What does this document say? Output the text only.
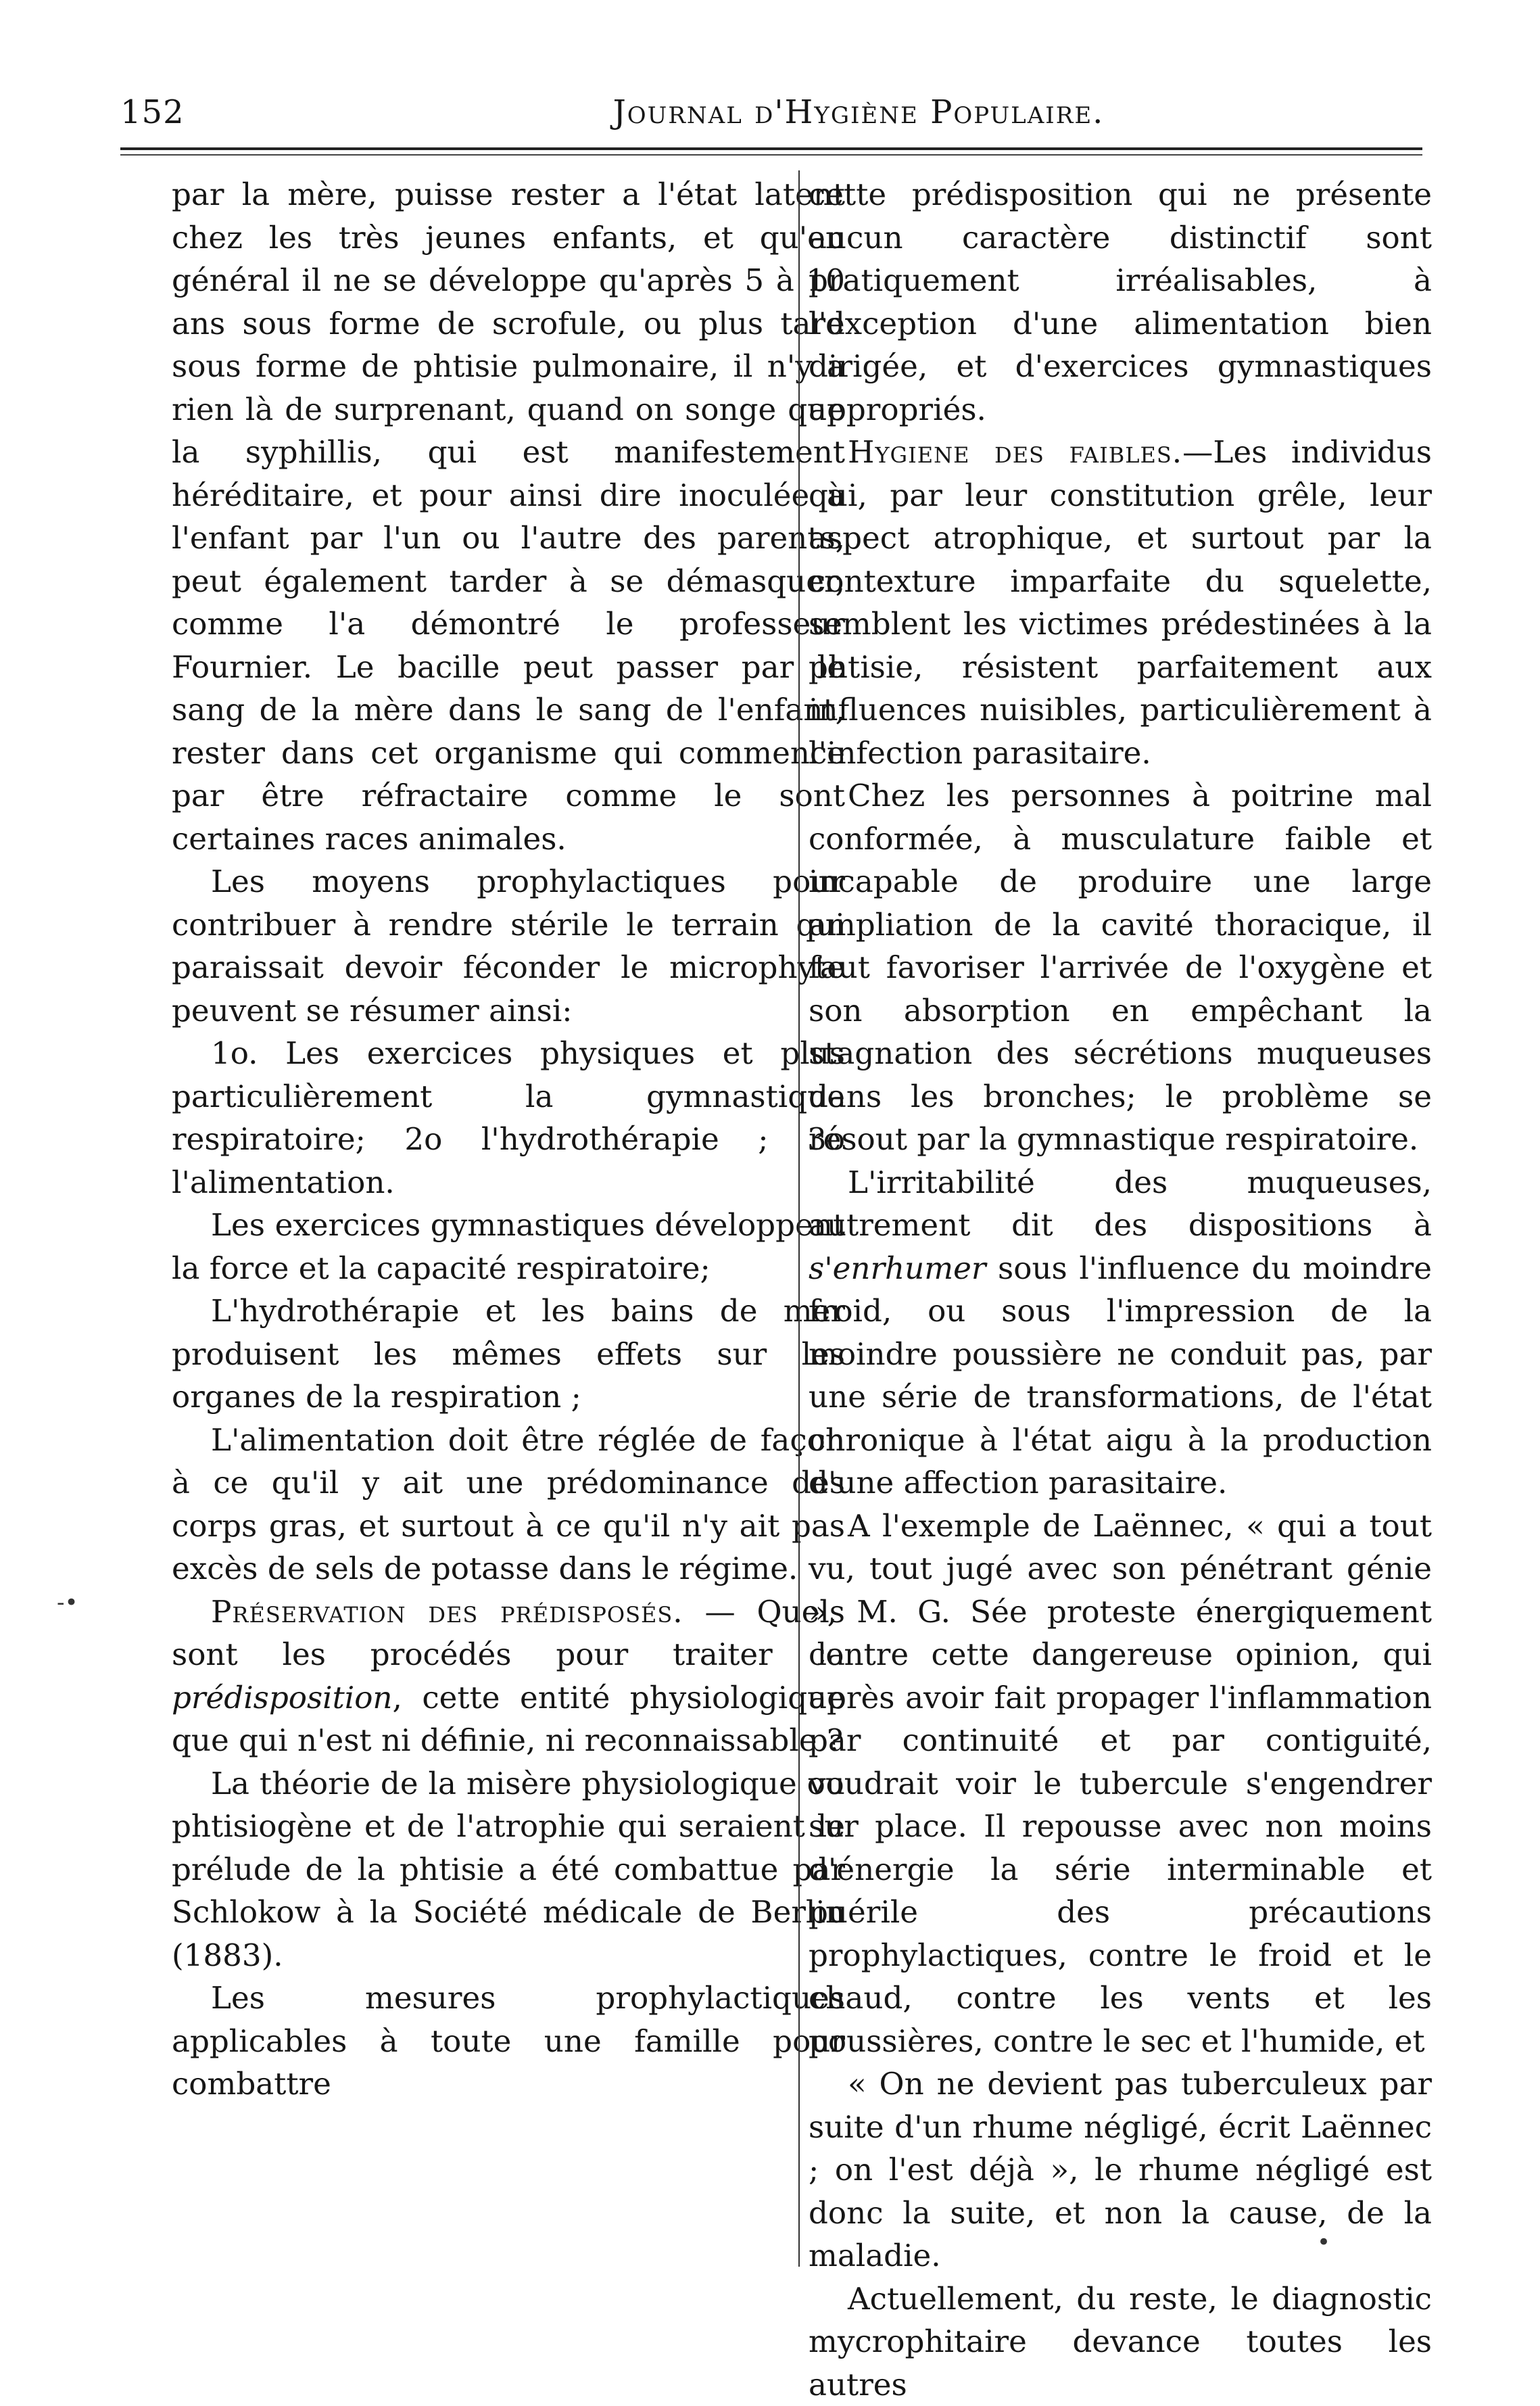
152	Journal d'Hygiène Populaire.

par la mère, puisse rester a l'état latent chez les très jeunes enfants, et qu'en général il ne se développe qu'après 5 à 10 ans sous forme de scrofule, ou plus tard sous forme de phtisie pulmonaire, il n'y a rien là de surprenant, quand on songe que la syphillis, qui est manifestement héréditaire, et pour ainsi dire inoculée à l'enfant par l'un ou l'autre des parents, peut également tarder à se démasquer, comme l'a démontré le professeur Fournier. Le bacille peut passer par le sang de la mère dans le sang de l'enfant, rester dans cet organisme qui commence par être réfractaire comme le sont certaines races animales.

Les moyens prophylactiques pour contribuer à rendre stérile le terrain qui paraissait devoir féconder le microphyte peuvent se résumer ainsi:

1o. Les exercices physiques et plus particulièrement la gymnastique respiratoire; 2o l'hydrothérapie ; 3o l'alimentation.

Les exercices gymnastiques développent la force et la capacité respiratoire;

L'hydrothérapie et les bains de mer produisent les mêmes effets sur les organes de la respiration ;

L'alimentation doit être réglée de façon à ce qu'il y ait une prédominance des corps gras, et surtout à ce qu'il n'y ait pas excès de sels de potasse dans le régime.

Préservation des prédisposés. — Quels sont les procédés pour traiter la prédisposition, cette entité physiologique que qui n'est ni définie, ni reconnaissable ?

La théorie de la misère physiologique ou phtisiogène et de l'atrophie qui seraient le prélude de la phtisie a été combattue par Schlokow à la Société médicale de Berlin (1883).

Les mesures prophylactiques applicables à toute une famille pour combattre

cette prédisposition qui ne présente aucun caractère distinctif sont pratiquement irréalisables, à l'exception d'une alimentation bien dirigée, et d'exercices gymnastiques appropriés.

Hygiene des faibles.—Les individus qui, par leur constitution grêle, leur aspect atrophique, et surtout par la contexture imparfaite du squelette, semblent les victimes prédestinées à la phtisie, résistent parfaitement aux influences nuisibles, particulièrement à l'infection parasitaire.

Chez les personnes à poitrine mal conformée, à musculature faible et incapable de produire une large ampliation de la cavité thoracique, il faut favoriser l'arrivée de l'oxygène et son absorption en empêchant la stagnation des sécrétions muqueuses dans les bronches; le problème se résout par la gymnastique respiratoire.

L'irritabilité des muqueuses, autrement dit des dispositions à s'enrhumer sous l'influence du moindre froid, ou sous l'impression de la moindre poussière ne conduit pas, par une série de transformations, de l'état chronique à l'état aigu à la production d'une affection parasitaire.

A l'exemple de Laënnec, « qui a tout vu, tout jugé avec son pénétrant génie », M. G. Sée proteste énergiquement contre cette dangereuse opinion, qui après avoir fait propager l'inflammation par continuité et par contiguité, voudrait voir le tubercule s'engendrer sur place. Il repousse avec non moins d'énergie la série interminable et puérile des précautions prophylactiques, contre le froid et le chaud, contre les vents et les poussières, contre le sec et l'humide, et

« On ne devient pas tuberculeux par suite d'un rhume négligé, écrit Laënnec ; on l'est déjà », le rhume négligé est donc la suite, et non la cause, de la maladie.

Actuellement, du reste, le diagnostic mycrophitaire devance toutes les autres

-•
•
